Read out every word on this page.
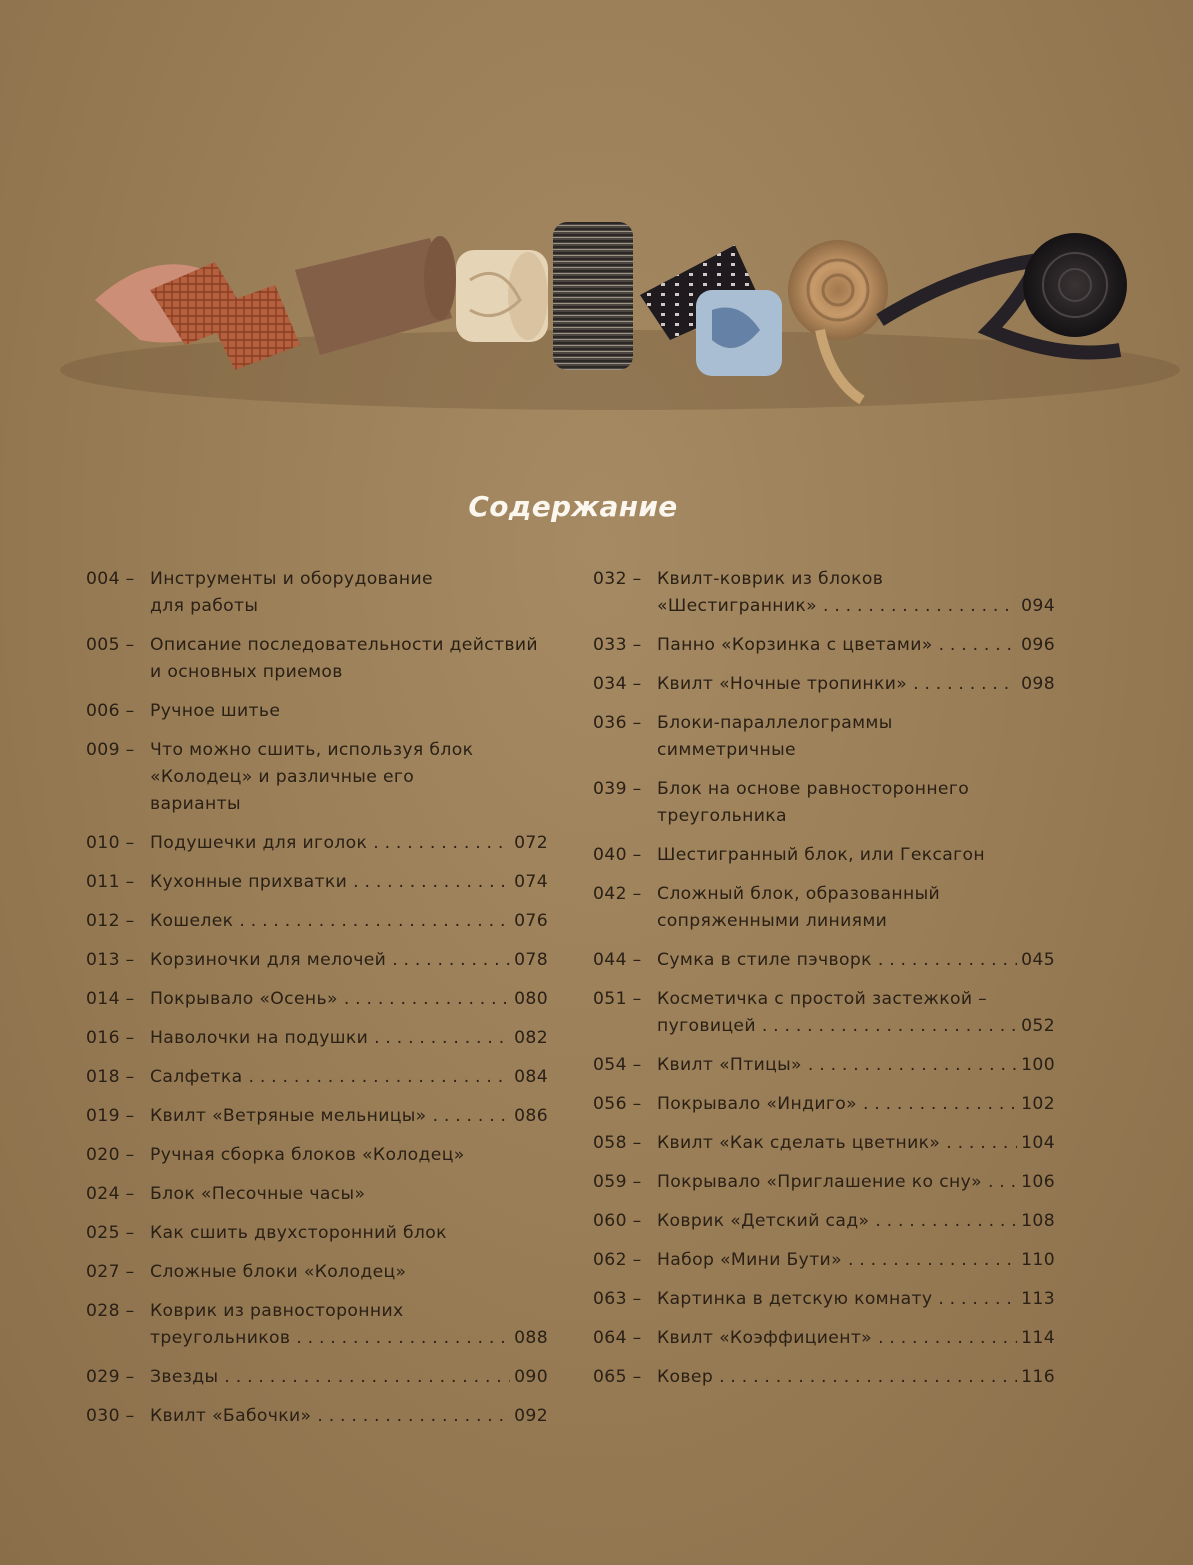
Содержание
004 – Инструменты и оборудование
для работы
005 – Описание последовательности действий
и основных приемов
006 – Ручное шитье
009 – Что можно сшить, используя блок
«Колодец» и различные его
варианты
010 – Подушечки для иголок . . .	072
011 – Кухонные прихватки . . .	074
012 – Кошелек . . .	076
013 – Корзиночки для мелочей . . .	078
014 – Покрывало «Осень» . . .	080
016 – Наволочки на подушки . . .	082
018 – Салфетка . . .	084
019 – Квилт «Ветряные мельницы» . . .	086
020 – Ручная сборка блоков «Колодец»
024 – Блок «Песочные часы»
025 – Как сшить двухсторонний блок
027 – Сложные блоки «Колодец»
028 – Коврик из равносторонних
треугольников . . .	088
029 – Звезды . . .	090
030 – Квилт «Бабочки» . . .	092
032 – Квилт-коврик из блоков
«Шестигранник» . . .	094
033 – Панно «Корзинка с цветами» . . .	096
034 – Квилт «Ночные тропинки» . . .	098
036 – Блоки-параллелограммы
симметричные
039 – Блок на основе равностороннего
треугольника
040 – Шестигранный блок, или Гексагон
042 – Сложный блок, образованный
сопряженными линиями
044 – Сумка в стиле пэчворк . . .	045
051 – Косметичка с простой застежкой –
пуговицей . . .	052
054 – Квилт «Птицы» . . .	100
056 – Покрывало «Индиго» . . .	102
058 – Квилт «Как сделать цветник» . . .	104
059 – Покрывало «Приглашение ко сну» . . . 106
060 – Коврик «Детский сад» . . .	108
062 – Набор «Мини Бути» . . .	110
063 – Картинка в детскую комнату . . .	113
064 – Квилт «Коэффициент» . . .	114
065 – Ковер . . .	116
